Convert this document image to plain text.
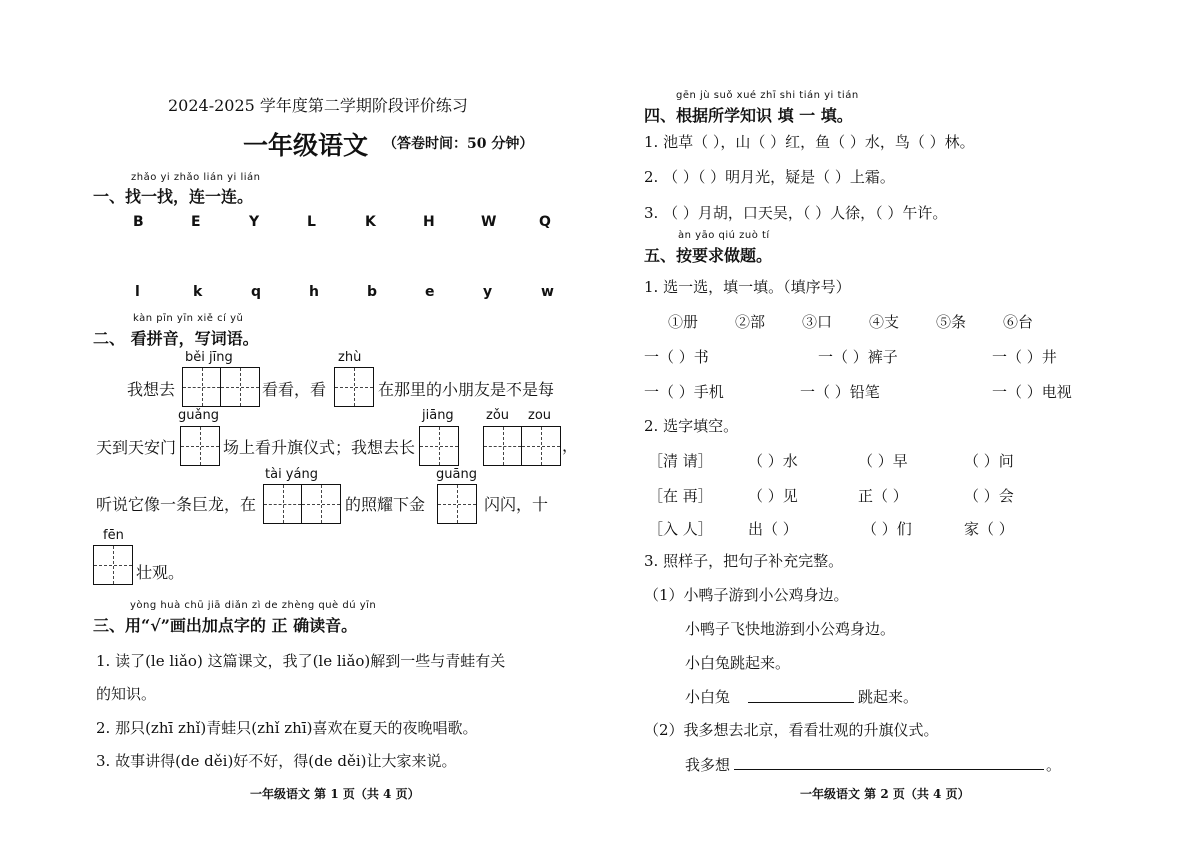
2024-2025 学年度第二学期阶段评价练习
一年级语文 （答卷时间：50 分钟）
zhǎo yi zhǎo lián yi lián
一、找一找，连一连。
B	E	Y	L	K	H	W	Q
l	k	q	h	b	e	y	w
kàn pīn yīn xiě cí yǔ
二、 看拼音，写词语。
běi jīng	zhù
我想去	看看，看	在那里的小朋友是不是每
guǎng	jiāng zǒu zou
天到天安门	场上看升旗仪式；我想去长	，
tài yáng	guāng
听说它像一条巨龙，在	的照耀下金	闪闪，十
fēn
壮观。
yòng huà chū jiā diǎn zì de zhèng què dú yīn
三、用“√”画出加点字的 正 确读音。
1. 读了(le liǎo) 这篇课文，我了(le liǎo)解到一些与青蛙有关
的知识。
2. 那只(zhī zhǐ)青蛙只(zhǐ zhī)喜欢在夏天的夜晚唱歌。
3. 故事讲得(de děi)好不好，得(de děi)让大家来说。
一年级语文 第 1 页（共 4 页）
gēn jù suǒ xué zhī shi tián yi tián
四、根据所学知识 填 一 填。
1. 池草（ ），山（ ）红，鱼（ ）水，鸟（ ）林。
2. （ ）（ ）明月光，疑是（ ）上霜。
3. （ ）月胡，口天吴，（ ）人徐，（ ）午许。
àn yāo qiú zuò tí
五、按要求做题。
1. 选一选，填一填。（填序号）
①册 ②部 ③口 ④支 ⑤条 ⑥台
一（ ）书	一（ ）裤子	一（ ）井
一（ ）手机	一（ ）铅笔	一（ ）电视
2. 选字填空。
［清 请］ （ ）水	（ ）早	（ ）问
［在 再］ （ ）见	正（ ）	（ ）会
［入 人］ 出（ ）	（ ）们	家（ ）
3. 照样子，把句子补充完整。
（1）小鸭子游到小公鸡身边。
小鸭子飞快地游到小公鸡身边。
小白兔跳起来。
小白兔	跳起来。
（2）我多想去北京，看看壮观的升旗仪式。
我多想	。
一年级语文 第 2 页（共 4 页）
